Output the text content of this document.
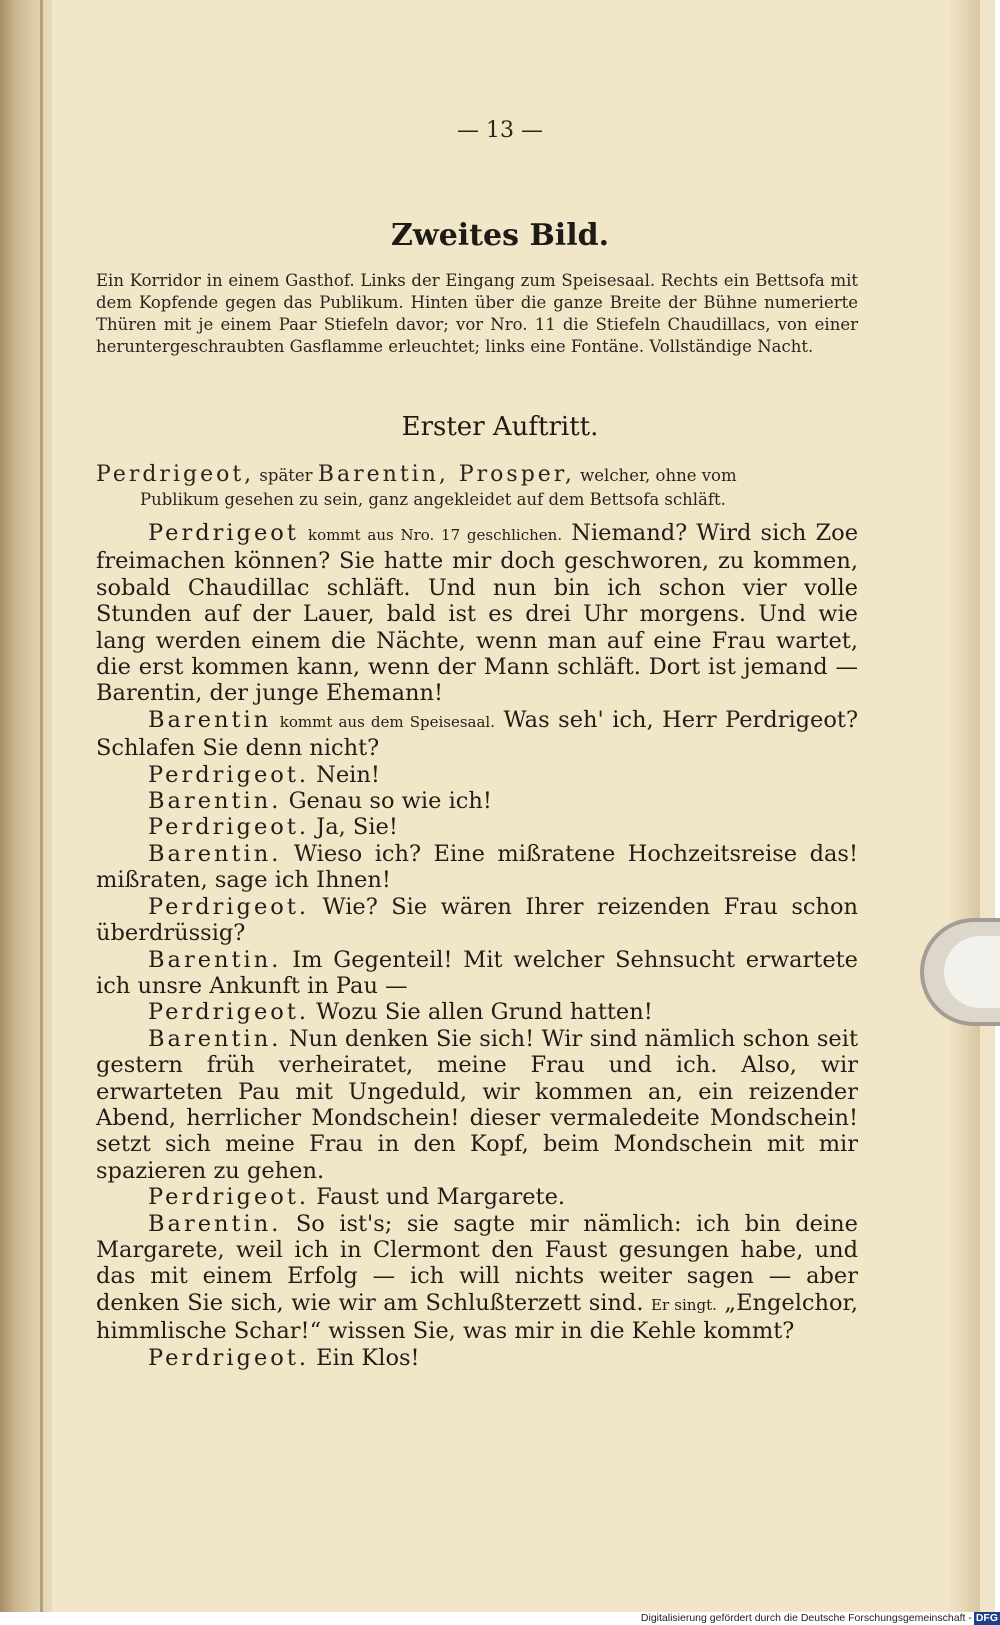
— 13 —
Zweites Bild.
Ein Korridor in einem Gasthof. Links der Eingang zum Speisesaal. Rechts ein Bettsofa mit dem Kopfende gegen das Publikum. Hinten über die ganze Breite der Bühne numerierte Thüren mit je einem Paar Stiefeln davor; vor Nro. 11 die Stiefeln Chaudillacs, von einer heruntergeschraubten Gasflamme erleuchtet; links eine Fontäne. Vollständige Nacht.
Erster Auftritt.
Perdrigeot, später Barentin, Prosper, welcher, ohne vom
Publikum gesehen zu sein, ganz angekleidet auf dem Bettsofa schläft.

Perdrigeot kommt aus Nro. 17 geschlichen. Niemand? Wird sich Zoe freimachen können? Sie hatte mir doch geschworen, zu kommen, sobald Chaudillac schläft. Und nun bin ich schon vier volle Stunden auf der Lauer, bald ist es drei Uhr morgens. Und wie lang werden einem die Nächte, wenn man auf eine Frau wartet, die erst kommen kann, wenn der Mann schläft. Dort ist jemand — Barentin, der junge Ehemann!

Barentin kommt aus dem Speisesaal. Was seh' ich, Herr Perdrigeot? Schlafen Sie denn nicht?

Perdrigeot. Nein!

Barentin. Genau so wie ich!

Perdrigeot. Ja, Sie!

Barentin. Wieso ich? Eine mißratene Hochzeitsreise das! mißraten, sage ich Ihnen!

Perdrigeot. Wie? Sie wären Ihrer reizenden Frau schon überdrüssig?

Barentin. Im Gegenteil! Mit welcher Sehnsucht erwartete ich unsre Ankunft in Pau —

Perdrigeot. Wozu Sie allen Grund hatten!

Barentin. Nun denken Sie sich! Wir sind nämlich schon seit gestern früh verheiratet, meine Frau und ich. Also, wir erwarteten Pau mit Ungeduld, wir kommen an, ein reizender Abend, herrlicher Mondschein! dieser vermaledeite Mondschein! setzt sich meine Frau in den Kopf, beim Mondschein mit mir spazieren zu gehen.

Perdrigeot. Faust und Margarete.

Barentin. So ist's; sie sagte mir nämlich: ich bin deine Margarete, weil ich in Clermont den Faust gesungen habe, und das mit einem Erfolg — ich will nichts weiter sagen — aber denken Sie sich, wie wir am Schlußterzett sind. Er singt. „Engelchor, himmlische Schar!“ wissen Sie, was mir in die Kehle kommt?

Perdrigeot. Ein Klos!

Digitalisierung gefördert durch die Deutsche Forschungsgemeinschaft - DFG
